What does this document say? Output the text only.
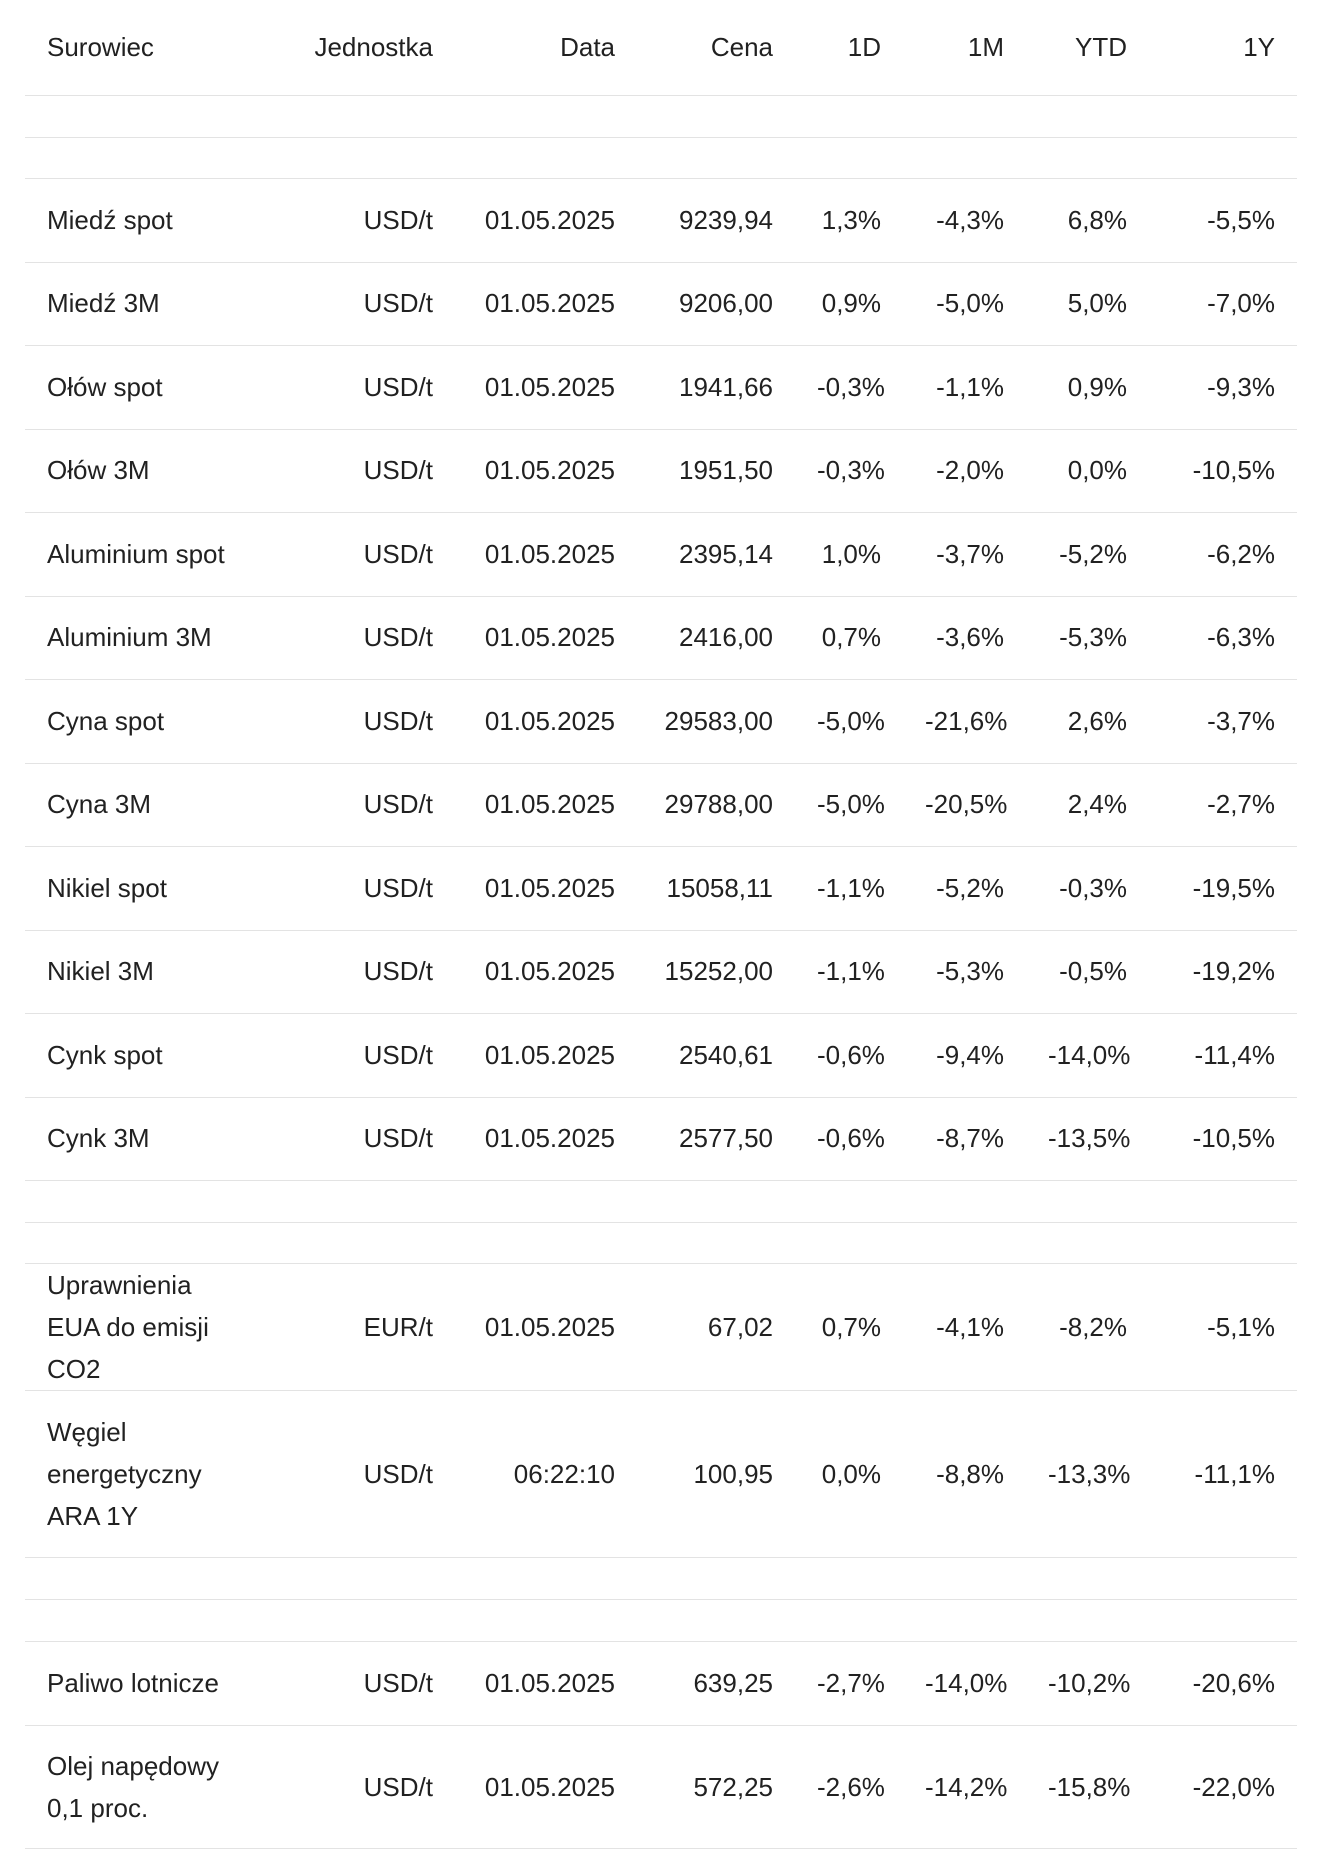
Surowiec	Jednostka	Data	Cena	1D	1M	YTD	1Y

Miedź spot	USD/t	01.05.2025	9239,94	1,3%	-4,3%	6,8%	-5,5%
Miedź 3M	USD/t	01.05.2025	9206,00	0,9%	-5,0%	5,0%	-7,0%
Ołów spot	USD/t	01.05.2025	1941,66	-0,3%	-1,1%	0,9%	-9,3%
Ołów 3M	USD/t	01.05.2025	1951,50	-0,3%	-2,0%	0,0%	-10,5%
Aluminium spot	USD/t	01.05.2025	2395,14	1,0%	-3,7%	-5,2%	-6,2%
Aluminium 3M	USD/t	01.05.2025	2416,00	0,7%	-3,6%	-5,3%	-6,3%
Cyna spot	USD/t	01.05.2025	29583,00	-5,0%	-21,6%	2,6%	-3,7%
Cyna 3M	USD/t	01.05.2025	29788,00	-5,0%	-20,5%	2,4%	-2,7%
Nikiel spot	USD/t	01.05.2025	15058,11	-1,1%	-5,2%	-0,3%	-19,5%
Nikiel 3M	USD/t	01.05.2025	15252,00	-1,1%	-5,3%	-0,5%	-19,2%
Cynk spot	USD/t	01.05.2025	2540,61	-0,6%	-9,4%	-14,0%	-11,4%
Cynk 3M	USD/t	01.05.2025	2577,50	-0,6%	-8,7%	-13,5%	-10,5%

Uprawnienia EUA do emisji CO2	EUR/t	01.05.2025	67,02	0,7%	-4,1%	-8,2%	-5,1%
Węgiel energetyczny ARA 1Y	USD/t	06:22:10	100,95	0,0%	-8,8%	-13,3%	-11,1%

Paliwo lotnicze	USD/t	01.05.2025	639,25	-2,7%	-14,0%	-10,2%	-20,6%
Olej napędowy 0,1 proc.	USD/t	01.05.2025	572,25	-2,6%	-14,2%	-15,8%	-22,0%
